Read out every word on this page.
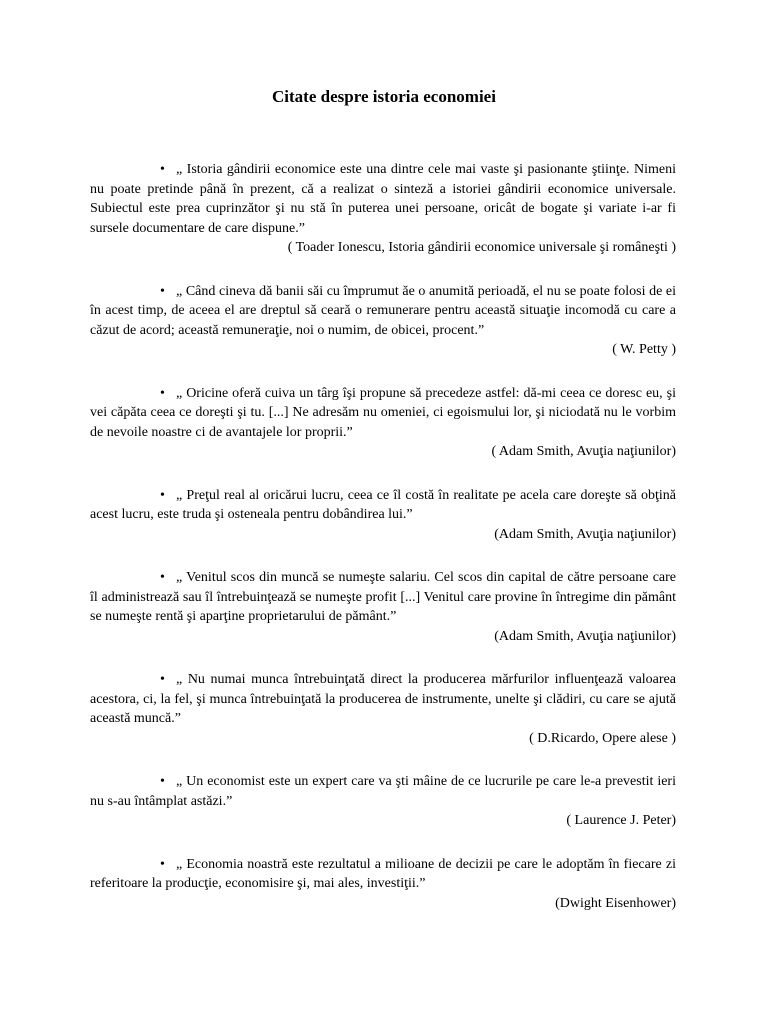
Citate despre istoria economiei

• „ Istoria gândirii economice este una dintre cele mai vaste şi pasionante ştiinţe. Nimeni nu poate pretinde până în prezent, că a realizat o sinteză a istoriei gândirii economice universale. Subiectul este prea cuprinzător şi nu stă în puterea unei persoane, oricât de bogate şi variate i-ar fi sursele documentare de care dispune.”

( Toader Ionescu, Istoria gândirii economice universale şi româneşti )

• „ Când cineva dă banii săi cu împrumut ăe o anumită perioadă, el nu se poate folosi de ei în acest timp, de aceea el are dreptul să ceară o remunerare pentru această situaţie incomodă cu care a căzut de acord; această remuneraţie, noi o numim, de obicei, procent.”

( W. Petty )

• „ Oricine oferă cuiva un târg îşi propune să precedeze astfel: dă-mi ceea ce doresc eu, şi vei căpăta ceea ce doreşti şi tu. [...] Ne adresăm nu omeniei, ci egoismului lor, şi niciodată nu le vorbim de nevoile noastre ci de avantajele lor proprii.”

( Adam Smith, Avuţia naţiunilor)

• „ Preţul real al oricărui lucru, ceea ce îl costă în realitate pe acela care doreşte să obţină acest lucru, este truda şi osteneala pentru dobândirea lui.”

(Adam Smith, Avuţia naţiunilor)

• „ Venitul scos din muncă se numeşte salariu. Cel scos din capital de către persoane care îl administrează sau îl întrebuinţează se numeşte profit [...] Venitul care provine în întregime din pământ se numeşte rentă şi aparţine proprietarului de pământ.”

(Adam Smith, Avuţia naţiunilor)

• „ Nu numai munca întrebuinţată direct la producerea mărfurilor influenţează valoarea acestora, ci, la fel, şi munca întrebuinţată la producerea de instrumente, unelte şi clădiri, cu care se ajută această muncă.”

( D.Ricardo, Opere alese )

• „ Un economist este un expert care va şti mâine de ce lucrurile pe care le-a prevestit ieri nu s-au întâmplat astăzi.”

( Laurence J. Peter)

• „ Economia noastră este rezultatul a milioane de decizii pe care le adoptăm în fiecare zi referitoare la producţie, economisire şi, mai ales, investiţii.”

(Dwight Eisenhower)
